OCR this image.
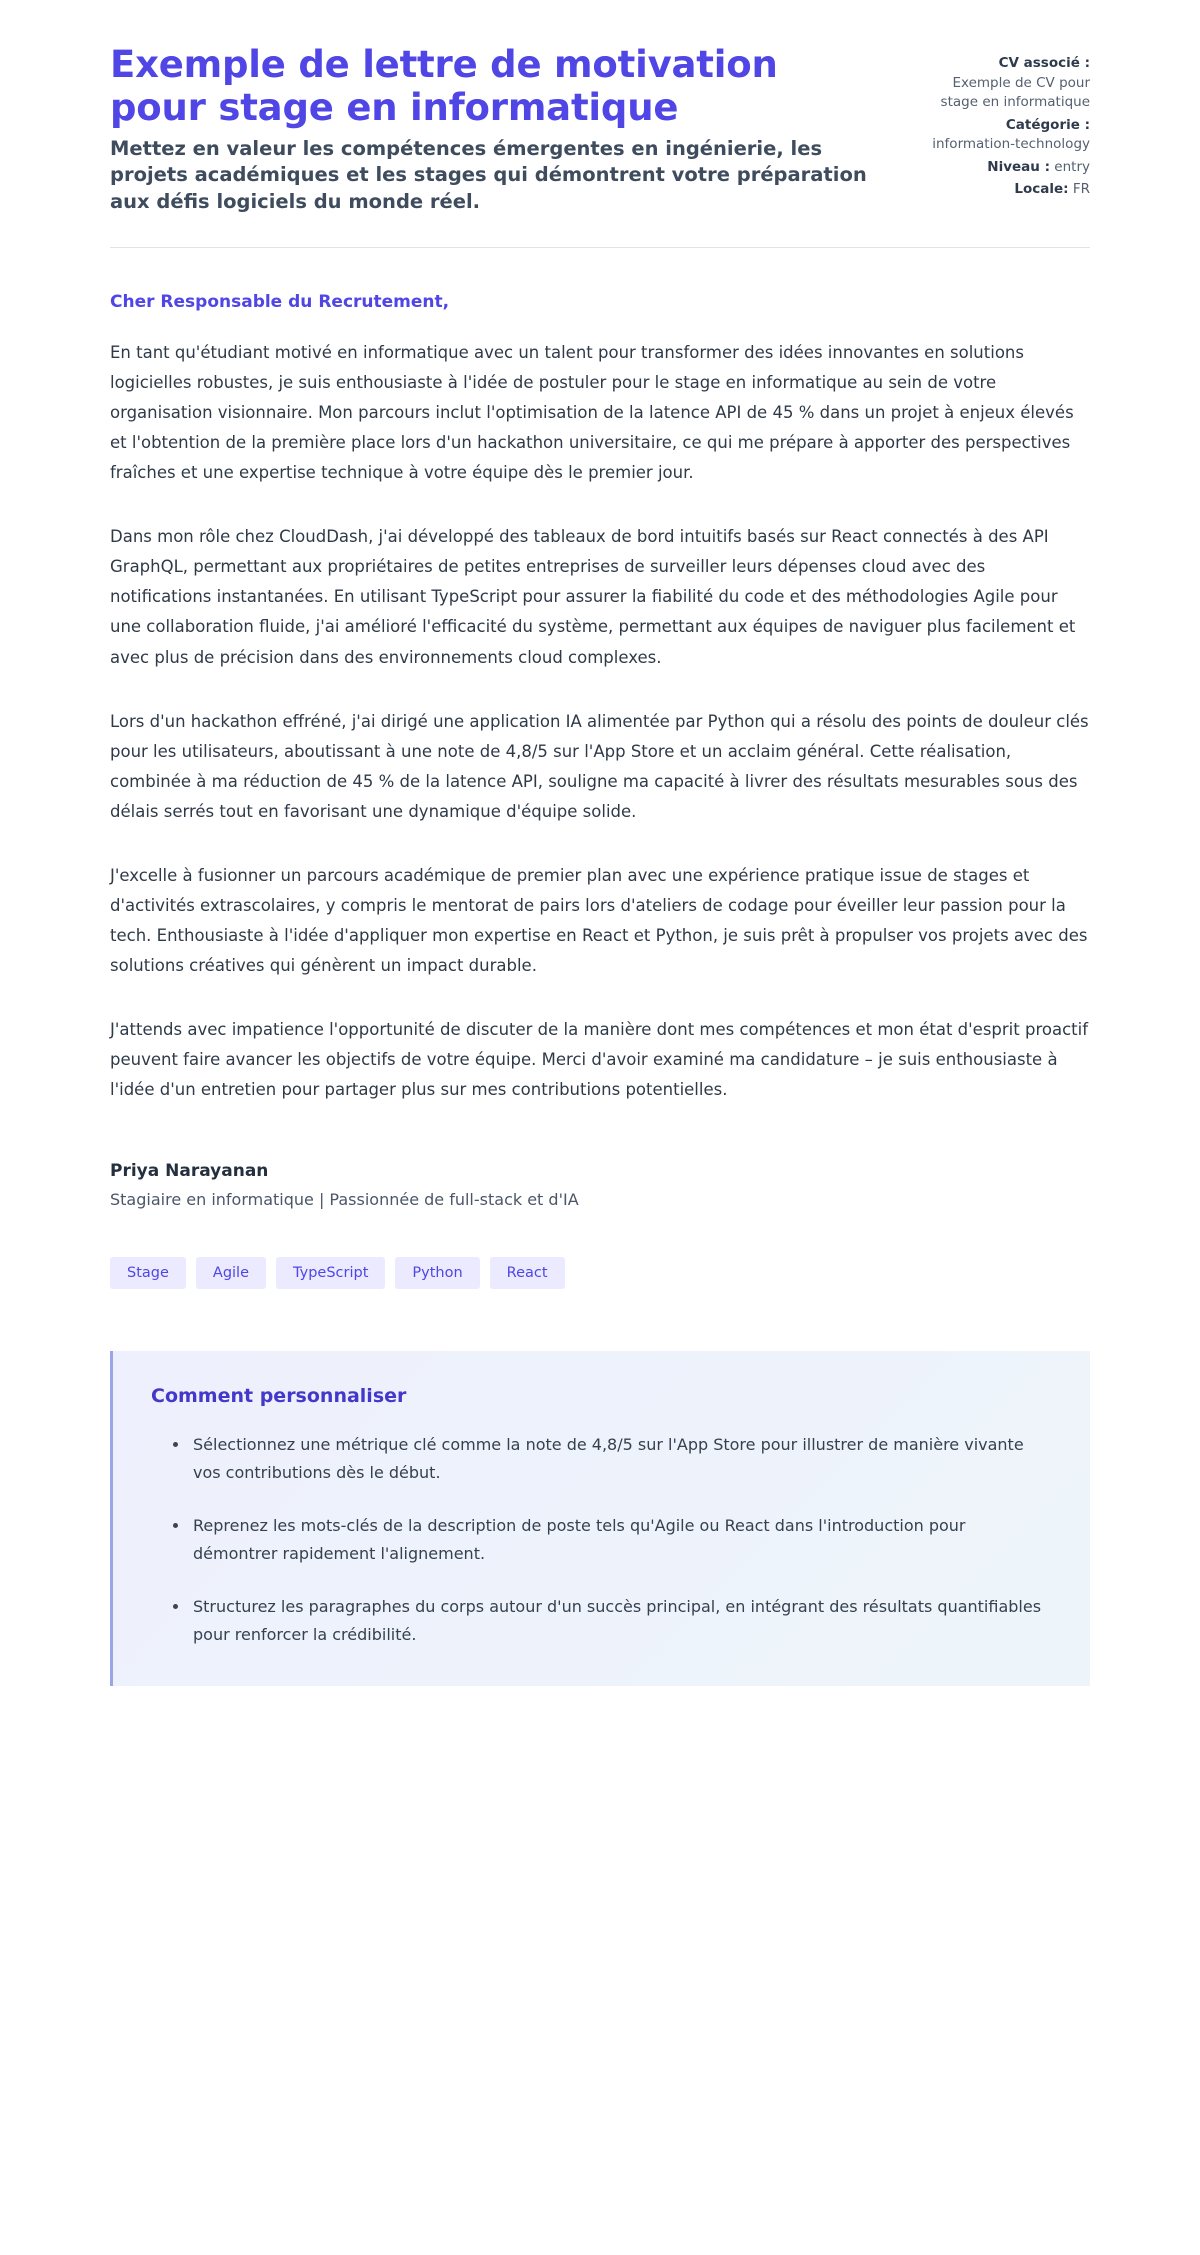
Exemple de lettre de motivation pour stage en informatique

Mettez en valeur les compétences émergentes en ingénierie, les projets académiques et les stages qui démontrent votre préparation aux défis logiciels du monde réel.

CV associé :
Exemple de CV pour stage en informatique
Catégorie :
information-technology
Niveau : entry
Locale: FR

Cher Responsable du Recrutement,

En tant qu'étudiant motivé en informatique avec un talent pour transformer des idées innovantes en solutions logicielles robustes, je suis enthousiaste à l'idée de postuler pour le stage en informatique au sein de votre organisation visionnaire. Mon parcours inclut l'optimisation de la latence API de 45 % dans un projet à enjeux élevés et l'obtention de la première place lors d'un hackathon universitaire, ce qui me prépare à apporter des perspectives fraîches et une expertise technique à votre équipe dès le premier jour.

Dans mon rôle chez CloudDash, j'ai développé des tableaux de bord intuitifs basés sur React connectés à des API GraphQL, permettant aux propriétaires de petites entreprises de surveiller leurs dépenses cloud avec des notifications instantanées. En utilisant TypeScript pour assurer la fiabilité du code et des méthodologies Agile pour une collaboration fluide, j'ai amélioré l'efficacité du système, permettant aux équipes de naviguer plus facilement et avec plus de précision dans des environnements cloud complexes.

Lors d'un hackathon effréné, j'ai dirigé une application IA alimentée par Python qui a résolu des points de douleur clés pour les utilisateurs, aboutissant à une note de 4,8/5 sur l'App Store et un acclaim général. Cette réalisation, combinée à ma réduction de 45 % de la latence API, souligne ma capacité à livrer des résultats mesurables sous des délais serrés tout en favorisant une dynamique d'équipe solide.

J'excelle à fusionner un parcours académique de premier plan avec une expérience pratique issue de stages et d'activités extrascolaires, y compris le mentorat de pairs lors d'ateliers de codage pour éveiller leur passion pour la tech. Enthousiaste à l'idée d'appliquer mon expertise en React et Python, je suis prêt à propulser vos projets avec des solutions créatives qui génèrent un impact durable.

J'attends avec impatience l'opportunité de discuter de la manière dont mes compétences et mon état d'esprit proactif peuvent faire avancer les objectifs de votre équipe. Merci d'avoir examiné ma candidature – je suis enthousiaste à l'idée d'un entretien pour partager plus sur mes contributions potentielles.

Priya Narayanan

Stagiaire en informatique | Passionnée de full-stack et d'IA

Stage	Agile	TypeScript	Python	React
Comment personnaliser
Sélectionnez une métrique clé comme la note de 4,8/5 sur l'App Store pour illustrer de manière vivante vos contributions dès le début.
Reprenez les mots-clés de la description de poste tels qu'Agile ou React dans l'introduction pour démontrer rapidement l'alignement.
Structurez les paragraphes du corps autour d'un succès principal, en intégrant des résultats quantifiables pour renforcer la crédibilité.
